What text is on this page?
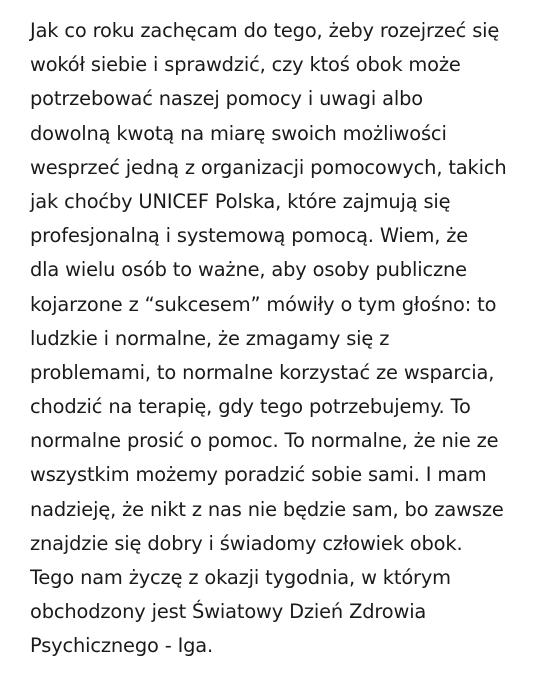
Jak co roku zachęcam do tego, żeby rozejrzeć się
wokół siebie i sprawdzić, czy ktoś obok może
potrzebować naszej pomocy i uwagi albo
dowolną kwotą na miarę swoich możliwości
wesprzeć jedną z organizacji pomocowych, takich
jak choćby UNICEF Polska, które zajmują się
profesjonalną i systemową pomocą. Wiem, że
dla wielu osób to ważne, aby osoby publiczne
kojarzone z “sukcesem” mówiły o tym głośno: to
ludzkie i normalne, że zmagamy się z
problemami, to normalne korzystać ze wsparcia,
chodzić na terapię, gdy tego potrzebujemy. To
normalne prosić o pomoc. To normalne, że nie ze
wszystkim możemy poradzić sobie sami. I mam
nadzieję, że nikt z nas nie będzie sam, bo zawsze
znajdzie się dobry i świadomy człowiek obok.
Tego nam życzę z okazji tygodnia, w którym
obchodzony jest Światowy Dzień Zdrowia
Psychicznego - Iga.
